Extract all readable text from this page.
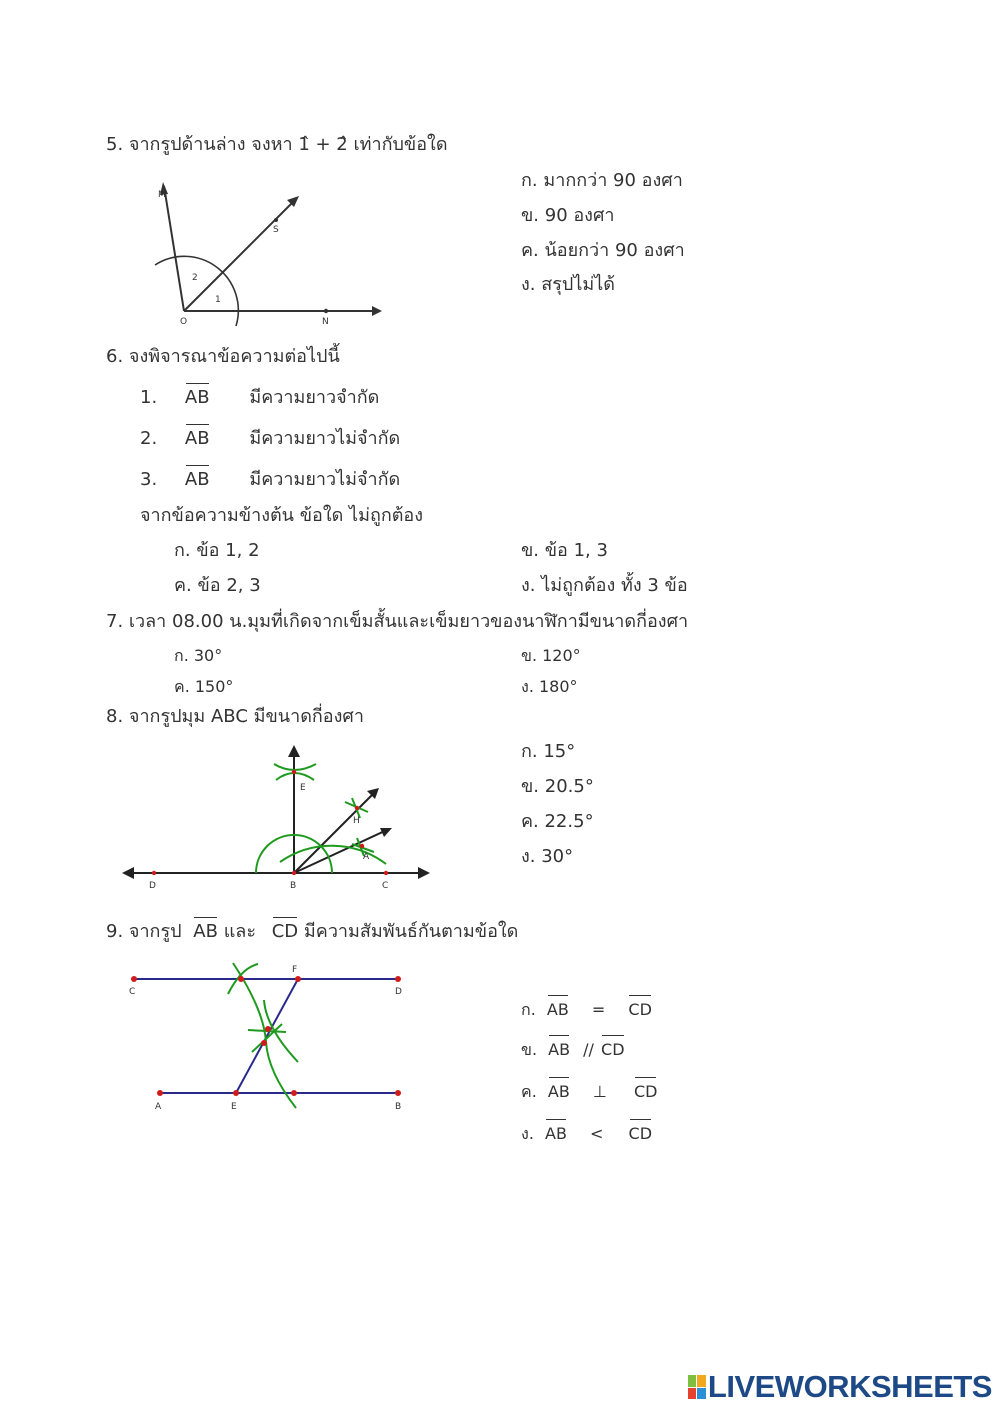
5. จากรูปด้านล่าง จงหา 1̂ + 2̂ เท่ากับข้อใด
M
S
O	N
1
2
ก. มากกว่า 90 องศา
ข. 90 องศา
ค. น้อยกว่า 90 องศา
ง. สรุปไม่ได้
6. จงพิจารณาข้อความต่อไปนี้
1. AB มีความยาวจำกัด
2. AB มีความยาวไม่จำกัด
3. AB มีความยาวไม่จำกัด
จากข้อความข้างต้น ข้อใด ไม่ถูกต้อง
ก. ข้อ 1, 2	ข. ข้อ 1, 3
ค. ข้อ 2, 3	ง. ไม่ถูกต้อง ทั้ง 3 ข้อ
7. เวลา 08.00 น.มุมที่เกิดจากเข็มสั้นและเข็มยาวของนาฬิกามีขนาดกี่องศา
ก. 30°	ข. 120°
ค. 150°	ง. 180°
8. จากรูปมุม ABC มีขนาดกี่องศา
D	B	C
E
H
A
ก. 15°
ข. 20.5°
ค. 22.5°
ง. 30°
9. จากรูป AB และ CD มีความสัมพันธ์กันตามข้อใด
C
F
D
A	E	B
ก. AB = CD
ข. AB // CD
ค. AB ⊥ CD
ง. AB < CD
LIVEWORKSHEETS
